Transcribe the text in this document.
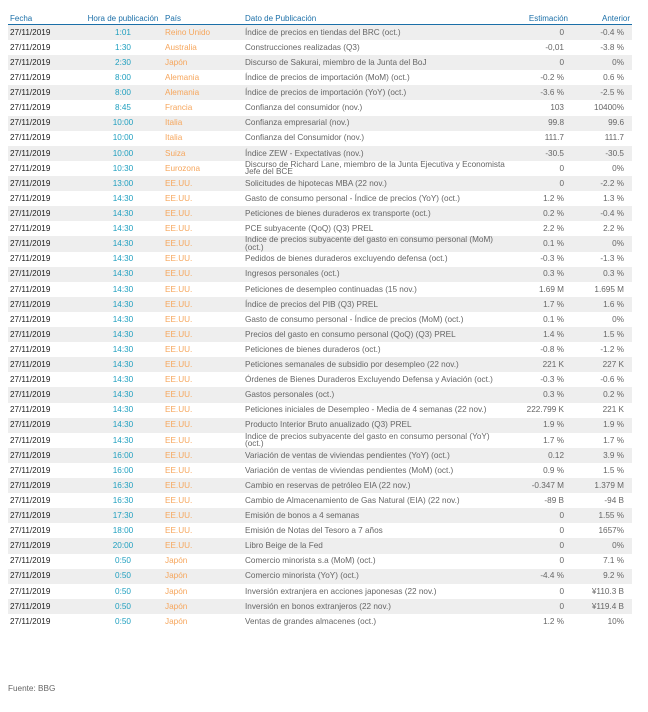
Fecha	Hora de publicación	País	Dato de Publicación	Estimación	Anterior
27/11/2019	1:01	Reino Unido	Índice de precios en tiendas del BRC (oct.)	0	-0.4 %
27/11/2019	1:30	Australia	Construcciones realizadas (Q3)	-0,01	-3.8 %
27/11/2019	2:30	Japón	Discurso de Sakurai, miembro de la Junta del BoJ	0	0%
27/11/2019	8:00	Alemania	Índice de precios de importación (MoM) (oct.)	-0.2 %	0.6 %
27/11/2019	8:00	Alemania	Índice de precios de importación (YoY) (oct.)	-3.6 %	-2.5 %
27/11/2019	8:45	Francia	Confianza del consumidor (nov.)	103	10400%
27/11/2019	10:00	Italia	Confianza empresarial (nov.)	99.8	99.6
27/11/2019	10:00	Italia	Confianza del Consumidor (nov.)	111.7	111.7
27/11/2019	10:00	Suiza	Índice ZEW - Expectativas (nov.)	-30.5	-30.5
27/11/2019	10:30	Eurozona	Discurso de Richard Lane, miembro de la Junta Ejecutiva y Economista Jefe del BCE	0	0%
27/11/2019	13:00	EE.UU.	Solicitudes de hipotecas MBA (22 nov.)	0	-2.2 %
27/11/2019	14:30	EE.UU.	Gasto de consumo personal - Índice de precios (YoY) (oct.)	1.2 %	1.3 %
27/11/2019	14:30	EE.UU.	Peticiones de bienes duraderos ex transporte (oct.)	0.2 %	-0.4 %
27/11/2019	14:30	EE.UU.	PCE subyacente (QoQ) (Q3) PREL	2.2 %	2.2 %
27/11/2019	14:30	EE.UU.	Índice de precios subyacente del gasto en consumo personal (MoM) (oct.)	0.1 %	0%
27/11/2019	14:30	EE.UU.	Pedidos de bienes duraderos excluyendo defensa (oct.)	-0.3 %	-1.3 %
27/11/2019	14:30	EE.UU.	Ingresos personales (oct.)	0.3 %	0.3 %
27/11/2019	14:30	EE.UU.	Peticiones de desempleo continuadas (15 nov.)	1.69 M	1.695 M
27/11/2019	14:30	EE.UU.	Índice de precios del PIB (Q3) PREL	1.7 %	1.6 %
27/11/2019	14:30	EE.UU.	Gasto de consumo personal - Índice de precios (MoM) (oct.)	0.1 %	0%
27/11/2019	14:30	EE.UU.	Precios del gasto en consumo personal (QoQ) (Q3) PREL	1.4 %	1.5 %
27/11/2019	14:30	EE.UU.	Peticiones de bienes duraderos (oct.)	-0.8 %	-1.2 %
27/11/2019	14:30	EE.UU.	Peticiones semanales de subsidio por desempleo (22 nov.)	221 K	227 K
27/11/2019	14:30	EE.UU.	Órdenes de Bienes Duraderos Excluyendo Defensa y Aviación (oct.)	-0.3 %	-0.6 %
27/11/2019	14:30	EE.UU.	Gastos personales (oct.)	0.3 %	0.2 %
27/11/2019	14:30	EE.UU.	Peticiones iniciales de Desempleo - Media de 4 semanas (22 nov.)	222.799 K	221 K
27/11/2019	14:30	EE.UU.	Producto Interior Bruto anualizado (Q3) PREL	1.9 %	1.9 %
27/11/2019	14:30	EE.UU.	Índice de precios subyacente del gasto en consumo personal (YoY) (oct.)	1.7 %	1.7 %
27/11/2019	16:00	EE.UU.	Variación de ventas de viviendas pendientes (YoY) (oct.)	0.12	3.9 %
27/11/2019	16:00	EE.UU.	Variación de ventas de viviendas pendientes (MoM) (oct.)	0.9 %	1.5 %
27/11/2019	16:30	EE.UU.	Cambio en reservas de petróleo EIA (22 nov.)	-0.347 M	1.379 M
27/11/2019	16:30	EE.UU.	Cambio de Almacenamiento de Gas Natural (EIA) (22 nov.)	-89 B	-94 B
27/11/2019	17:30	EE.UU.	Emisión de bonos a 4 semanas	0	1.55 %
27/11/2019	18:00	EE.UU.	Emisión de Notas del Tesoro a 7 años	0	1657%
27/11/2019	20:00	EE.UU.	Libro Beige de la Fed	0	0%
27/11/2019	0:50	Japón	Comercio minorista s.a (MoM) (oct.)	0	7.1 %
27/11/2019	0:50	Japón	Comercio minorista (YoY) (oct.)	-4.4 %	9.2 %
27/11/2019	0:50	Japón	Inversión extranjera en acciones japonesas (22 nov.)	0	¥110.3 B
27/11/2019	0:50	Japón	Inversión en bonos extranjeros (22 nov.)	0	¥119.4 B
27/11/2019	0:50	Japón	Ventas de grandes almacenes (oct.)	1.2 %	10%
Fuente: BBG
